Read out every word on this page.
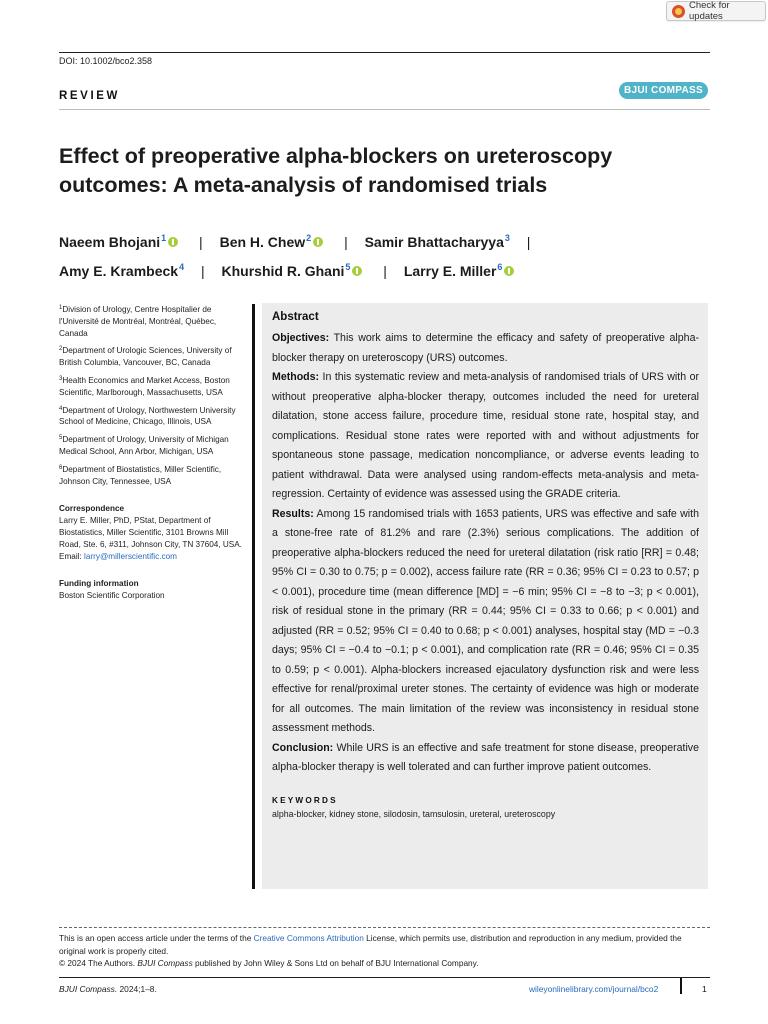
Check for updates
DOI: 10.1002/bco2.358
REVIEW	BJUI COMPASS
Effect of preoperative alpha-blockers on ureteroscopy outcomes: A meta-analysis of randomised trials
Naeem Bhojani$^1$ | Ben H. Chew$^2$ | Samir Bhattacharyya$^3$ |
Amy E. Krambeck$^4$ | Khurshid R. Ghani$^5$ | Larry E. Miller$^6$
$^1$Division of Urology, Centre Hospitalier de l'Université de Montréal, Montréal, Québec, Canada
$^2$Department of Urologic Sciences, University of British Columbia, Vancouver, BC, Canada
$^3$Health Economics and Market Access, Boston Scientific, Marlborough, Massachusetts, USA
$^4$Department of Urology, Northwestern University School of Medicine, Chicago, Illinois, USA
$^5$Department of Urology, University of Michigan Medical School, Ann Arbor, Michigan, USA
$^6$Department of Biostatistics, Miller Scientific, Johnson City, Tennessee, USA
Correspondence
Larry E. Miller, PhD, PStat, Department of Biostatistics, Miller Scientific, 3101 Browns Mill Road, Ste. 6, #311, Johnson City, TN 37604, USA.
Email: larry@millerscientific.com
Funding information
Boston Scientific Corporation
Abstract

Objectives: This work aims to determine the efficacy and safety of preoperative alpha-blocker therapy on ureteroscopy (URS) outcomes.

Methods: In this systematic review and meta-analysis of randomised trials of URS with or without preoperative alpha-blocker therapy, outcomes included the need for ureteral dilatation, stone access failure, procedure time, residual stone rate, hospital stay, and complications. Residual stone rates were reported with and without adjustments for spontaneous stone passage, medication noncompliance, or adverse events leading to patient withdrawal. Data were analysed using random-effects meta-analysis and meta-regression. Certainty of evidence was assessed using the GRADE criteria.

Results: Among 15 randomised trials with 1653 patients, URS was effective and safe with a stone-free rate of 81.2% and rare (2.3%) serious complications. The addition of preoperative alpha-blockers reduced the need for ureteral dilatation (risk ratio [RR] = 0.48; 95% CI = 0.30 to 0.75; p = 0.002), access failure rate (RR = 0.36; 95% CI = 0.23 to 0.57; p < 0.001), procedure time (mean difference [MD] = −6 min; 95% CI = −8 to −3; p < 0.001), risk of residual stone in the primary (RR = 0.44; 95% CI = 0.33 to 0.66; p < 0.001) and adjusted (RR = 0.52; 95% CI = 0.40 to 0.68; p < 0.001) analyses, hospital stay (MD = −0.3 days; 95% CI = −0.4 to −0.1; p < 0.001), and complication rate (RR = 0.46; 95% CI = 0.35 to 0.59; p < 0.001). Alpha-blockers increased ejaculatory dysfunction risk and were less effective for renal/proximal ureter stones. The certainty of evidence was high or moderate for all outcomes. The main limitation of the review was inconsistency in residual stone assessment methods.

Conclusion: While URS is an effective and safe treatment for stone disease, preoperative alpha-blocker therapy is well tolerated and can further improve patient outcomes.

KEYWORDS
alpha-blocker, kidney stone, silodosin, tamsulosin, ureteral, ureteroscopy
This is an open access article under the terms of the Creative Commons Attribution License, which permits use, distribution and reproduction in any medium, provided the original work is properly cited.
© 2024 The Authors. BJUI Compass published by John Wiley & Sons Ltd on behalf of BJU International Company.
BJUI Compass. 2024;1–8.	wileyonlinelibrary.com/journal/bco2	1
